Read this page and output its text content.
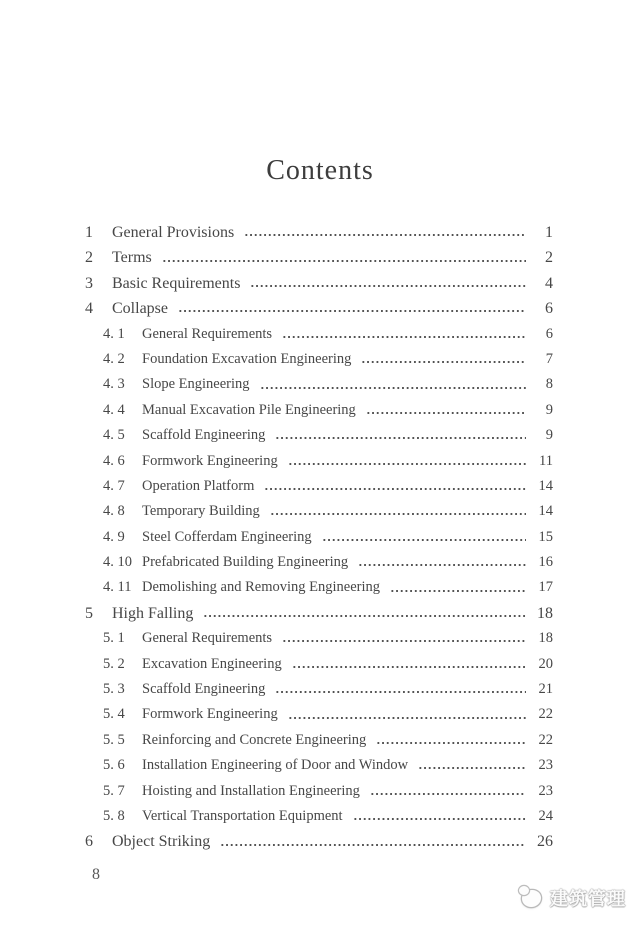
Contents
1	General Provisions	1
2	Terms	2
3	Basic Requirements	4
4	Collapse	6
4. 1	General Requirements	6
4. 2	Foundation Excavation Engineering	7
4. 3	Slope Engineering	8
4. 4	Manual Excavation Pile Engineering	9
4. 5	Scaffold Engineering	9
4. 6	Formwork Engineering	11
4. 7	Operation Platform	14
4. 8	Temporary Building	14
4. 9	Steel Cofferdam Engineering	15
4. 10 Prefabricated Building Engineering	16
4. 11 Demolishing and Removing Engineering	17
5	High Falling	18
5. 1	General Requirements	18
5. 2	Excavation Engineering	20
5. 3	Scaffold Engineering	21
5. 4	Formwork Engineering	22
5. 5	Reinforcing and Concrete Engineering	22
5. 6	Installation Engineering of Door and Window	23
5. 7	Hoisting and Installation Engineering	23
5. 8	Vertical Transportation Equipment	24
6	Object Striking	26
8
建筑管理
